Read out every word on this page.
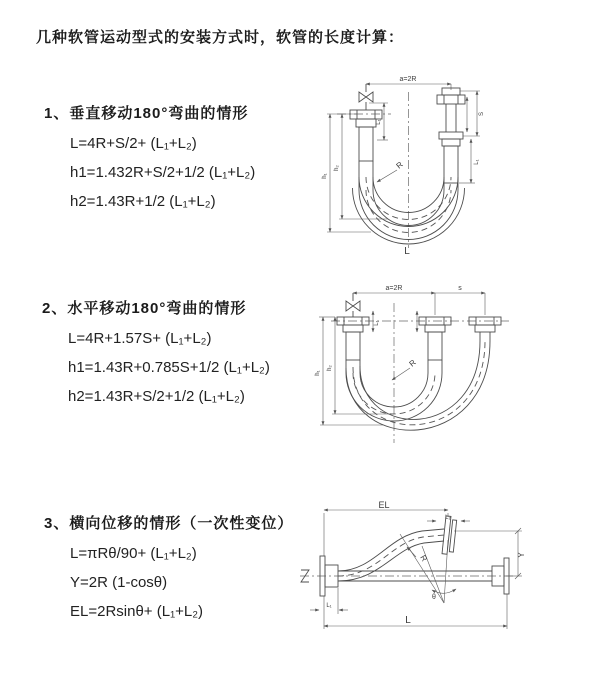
几种软管运动型式的安装方式时，软管的长度计算：
1、垂直移动180°弯曲的情形
L=4R+S/2+ (L₁+L₂)
h1=1.432R+S/2+1/2 (L₁+L₂)
h2=1.43R+1/2 (L₁+L₂)
2、水平移动180°弯曲的情形
L=4R+1.57S+ (L₁+L₂)
h1=1.43R+0.785S+1/2 (L₁+L₂)
h2=1.43R+S/2+1/2 (L₁+L₂)
3、横向位移的情形（一次性变位）
L=πRθ/90+ (L₁+L₂)
Y=2R (1-cosθ)
EL=2Rsinθ+ (L₁+L₂)
a=2R
h₁
h₂
L₁
S
L₁
R
L
a=2R	s
h₁
h₂
L₁
R
EL
L₂
Y
θ
R
L
L₁
